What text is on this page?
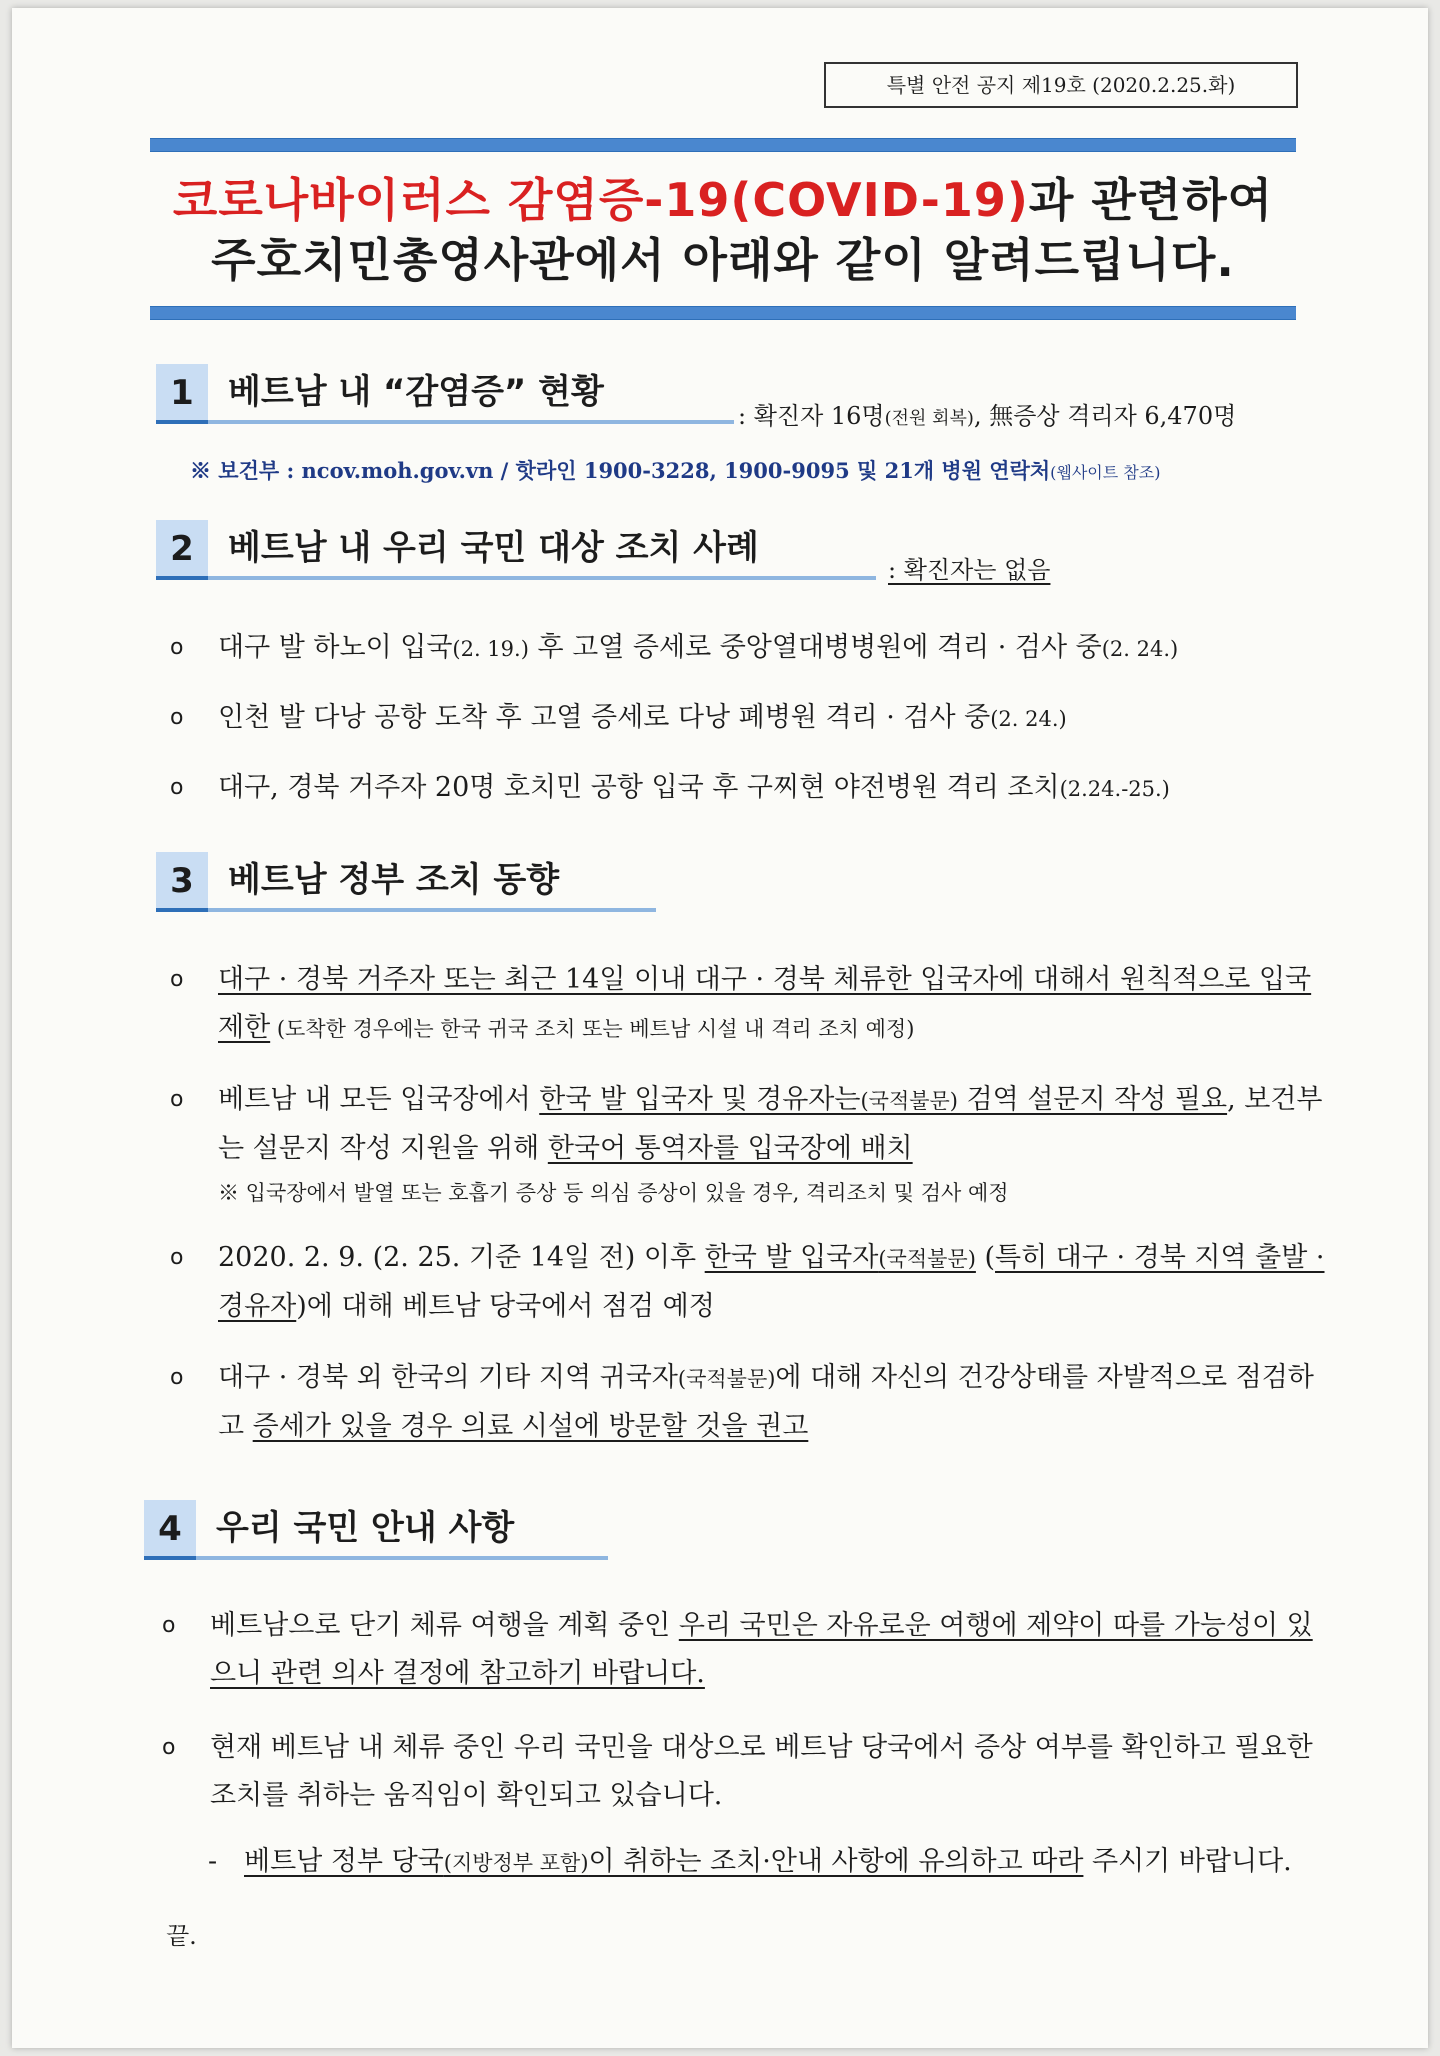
특별 안전 공지 제19호 (2020.2.25.화)
코로나바이러스 감염증-19(COVID-19)과 관련하여
주호치민총영사관에서 아래와 같이 알려드립니다.
1	베트남 내 “감염증” 현황
: 확진자 16명(전원 회복), 無증상 격리자 6,470명
※ 보건부 : ncov.moh.gov.vn / 핫라인 1900-3228, 1900-9095 및 21개 병원 연락처(웹사이트 참조)
2	베트남 내 우리 국민 대상 조치 사례
: 확진자는 없음
o 대구 발 하노이 입국(2. 19.) 후 고열 증세로 중앙열대병병원에 격리 · 검사 중(2. 24.)
o 인천 발 다낭 공항 도착 후 고열 증세로 다낭 폐병원 격리 · 검사 중(2. 24.)
o 대구, 경북 거주자 20명 호치민 공항 입국 후 구찌현 야전병원 격리 조치(2.24.-25.)
3	베트남 정부 조치 동향
o 대구 · 경북 거주자 또는 최근 14일 이내 대구 · 경북 체류한 입국자에 대해서 원칙적으로 입국 제한 (도착한 경우에는 한국 귀국 조치 또는 베트남 시설 내 격리 조치 예정)
o 베트남 내 모든 입국장에서 한국 발 입국자 및 경유자는(국적불문) 검역 설문지 작성 필요, 보건부는 설문지 작성 지원을 위해 한국어 통역자를 입국장에 배치
※ 입국장에서 발열 또는 호흡기 증상 등 의심 증상이 있을 경우, 격리조치 및 검사 예정
o 2020. 2. 9. (2. 25. 기준 14일 전) 이후 한국 발 입국자(국적불문) (특히 대구 · 경북 지역 출발 · 경유자)에 대해 베트남 당국에서 점검 예정
o 대구 · 경북 외 한국의 기타 지역 귀국자(국적불문)에 대해 자신의 건강상태를 자발적으로 점검하고 증세가 있을 경우 의료 시설에 방문할 것을 권고
4	우리 국민 안내 사항
o 베트남으로 단기 체류 여행을 계획 중인 우리 국민은 자유로운 여행에 제약이 따를 가능성이 있으니 관련 의사 결정에 참고하기 바랍니다.
o 현재 베트남 내 체류 중인 우리 국민을 대상으로 베트남 당국에서 증상 여부를 확인하고 필요한 조치를 취하는 움직임이 확인되고 있습니다.
- 베트남 정부 당국(지방정부 포함)이 취하는 조치·안내 사항에 유의하고 따라 주시기 바랍니다.
끝.
